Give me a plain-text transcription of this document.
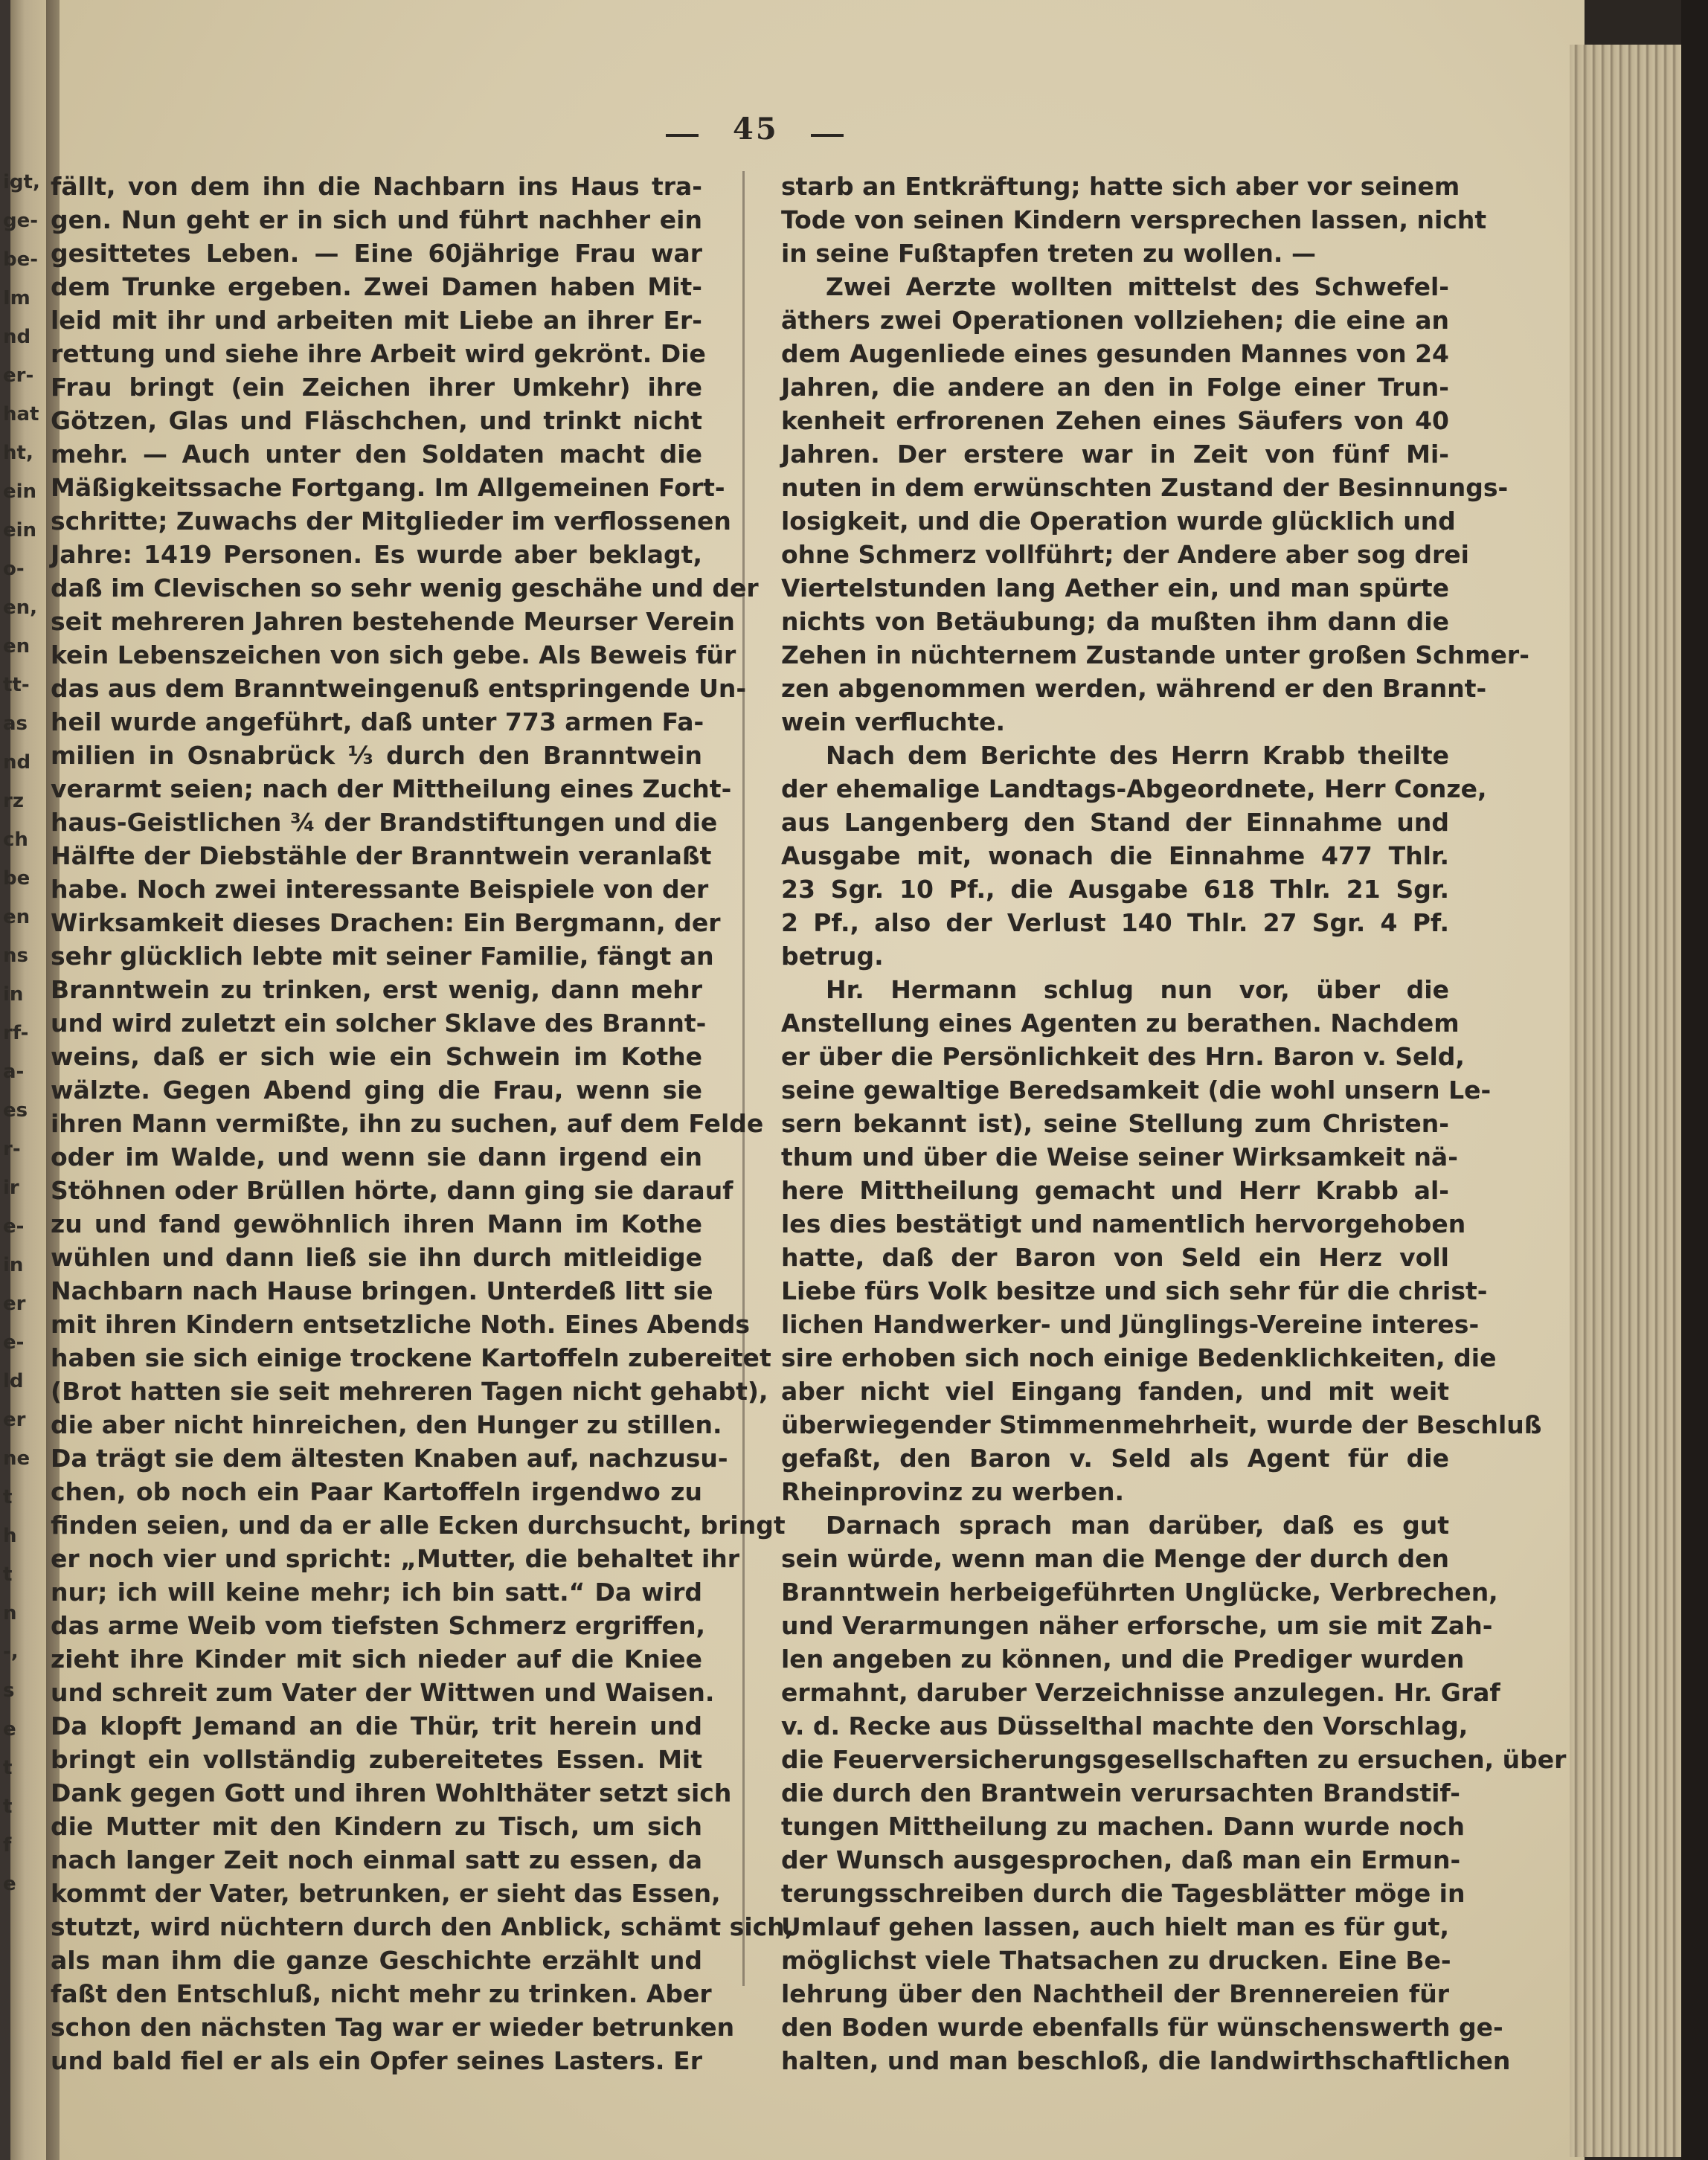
igt,
ge-
be-
Im
nd
er-
hat
ht,
ein
ein
o-
en,
en
tt-
as
nd
rz
ch
be
en
ns
in
rf-
a-
es
r-
ir
e-
in
er
e-
ld
er
ne
t
h
t
n
-,
s
e
t
t
f
e
45
fällt, von dem ihn die Nachbarn ins Haus tra-
gen. Nun geht er in sich und führt nachher ein
gesittetes Leben. — Eine 60jährige Frau war
dem Trunke ergeben. Zwei Damen haben Mit-
leid mit ihr und arbeiten mit Liebe an ihrer Er-
rettung und siehe ihre Arbeit wird gekrönt. Die
Frau bringt (ein Zeichen ihrer Umkehr) ihre
Götzen, Glas und Fläschchen, und trinkt nicht
mehr. — Auch unter den Soldaten macht die
Mäßigkeitssache Fortgang. Im Allgemeinen Fort-
schritte; Zuwachs der Mitglieder im verflossenen
Jahre: 1419 Personen. Es wurde aber beklagt,
daß im Clevischen so sehr wenig geschähe und der
seit mehreren Jahren bestehende Meurser Verein
kein Lebenszeichen von sich gebe. Als Beweis für
das aus dem Branntweingenuß entspringende Un-
heil wurde angeführt, daß unter 773 armen Fa-
milien in Osnabrück ⅓ durch den Branntwein
verarmt seien; nach der Mittheilung eines Zucht-
haus-Geistlichen ¾ der Brandstiftungen und die
Hälfte der Diebstähle der Branntwein veranlaßt
habe. Noch zwei interessante Beispiele von der
Wirksamkeit dieses Drachen: Ein Bergmann, der
sehr glücklich lebte mit seiner Familie, fängt an
Branntwein zu trinken, erst wenig, dann mehr
und wird zuletzt ein solcher Sklave des Brannt-
weins, daß er sich wie ein Schwein im Kothe
wälzte. Gegen Abend ging die Frau, wenn sie
ihren Mann vermißte, ihn zu suchen, auf dem Felde
oder im Walde, und wenn sie dann irgend ein
Stöhnen oder Brüllen hörte, dann ging sie darauf
zu und fand gewöhnlich ihren Mann im Kothe
wühlen und dann ließ sie ihn durch mitleidige
Nachbarn nach Hause bringen. Unterdeß litt sie
mit ihren Kindern entsetzliche Noth. Eines Abends
haben sie sich einige trockene Kartoffeln zubereitet
(Brot hatten sie seit mehreren Tagen nicht gehabt),
die aber nicht hinreichen, den Hunger zu stillen.
Da trägt sie dem ältesten Knaben auf, nachzusu-
chen, ob noch ein Paar Kartoffeln irgendwo zu
finden seien, und da er alle Ecken durchsucht, bringt
er noch vier und spricht: „Mutter, die behaltet ihr
nur; ich will keine mehr; ich bin satt.“ Da wird
das arme Weib vom tiefsten Schmerz ergriffen,
zieht ihre Kinder mit sich nieder auf die Kniee
und schreit zum Vater der Wittwen und Waisen.
Da klopft Jemand an die Thür, trit herein und
bringt ein vollständig zubereitetes Essen. Mit
Dank gegen Gott und ihren Wohlthäter setzt sich
die Mutter mit den Kindern zu Tisch, um sich
nach langer Zeit noch einmal satt zu essen, da
kommt der Vater, betrunken, er sieht das Essen,
stutzt, wird nüchtern durch den Anblick, schämt sich,
als man ihm die ganze Geschichte erzählt und
faßt den Entschluß, nicht mehr zu trinken. Aber
schon den nächsten Tag war er wieder betrunken
und bald fiel er als ein Opfer seines Lasters. Er
starb an Entkräftung; hatte sich aber vor seinem
Tode von seinen Kindern versprechen lassen, nicht
in seine Fußtapfen treten zu wollen. —
Zwei Aerzte wollten mittelst des Schwefel-
äthers zwei Operationen vollziehen; die eine an
dem Augenliede eines gesunden Mannes von 24
Jahren, die andere an den in Folge einer Trun-
kenheit erfrorenen Zehen eines Säufers von 40
Jahren. Der erstere war in Zeit von fünf Mi-
nuten in dem erwünschten Zustand der Besinnungs-
losigkeit, und die Operation wurde glücklich und
ohne Schmerz vollführt; der Andere aber sog drei
Viertelstunden lang Aether ein, und man spürte
nichts von Betäubung; da mußten ihm dann die
Zehen in nüchternem Zustande unter großen Schmer-
zen abgenommen werden, während er den Brannt-
wein verfluchte.
Nach dem Berichte des Herrn Krabb theilte
der ehemalige Landtags-Abgeordnete, Herr Conze,
aus Langenberg den Stand der Einnahme und
Ausgabe mit, wonach die Einnahme 477 Thlr.
23 Sgr. 10 Pf., die Ausgabe 618 Thlr. 21 Sgr.
2 Pf., also der Verlust 140 Thlr. 27 Sgr. 4 Pf.
betrug.
Hr. Hermann schlug nun vor, über die
Anstellung eines Agenten zu berathen. Nachdem
er über die Persönlichkeit des Hrn. Baron v. Seld,
seine gewaltige Beredsamkeit (die wohl unsern Le-
sern bekannt ist), seine Stellung zum Christen-
thum und über die Weise seiner Wirksamkeit nä-
here Mittheilung gemacht und Herr Krabb al-
les dies bestätigt und namentlich hervorgehoben
hatte, daß der Baron von Seld ein Herz voll
Liebe fürs Volk besitze und sich sehr für die christ-
lichen Handwerker- und Jünglings-Vereine interes-
sire erhoben sich noch einige Bedenklichkeiten, die
aber nicht viel Eingang fanden, und mit weit
überwiegender Stimmenmehrheit, wurde der Beschluß
gefaßt, den Baron v. Seld als Agent für die
Rheinprovinz zu werben.
Darnach sprach man darüber, daß es gut
sein würde, wenn man die Menge der durch den
Branntwein herbeigeführten Unglücke, Verbrechen,
und Verarmungen näher erforsche, um sie mit Zah-
len angeben zu können, und die Prediger wurden
ermahnt, daruber Verzeichnisse anzulegen. Hr. Graf
v. d. Recke aus Düsselthal machte den Vorschlag,
die Feuerversicherungsgesellschaften zu ersuchen, über
die durch den Brantwein verursachten Brandstif-
tungen Mittheilung zu machen. Dann wurde noch
der Wunsch ausgesprochen, daß man ein Ermun-
terungsschreiben durch die Tagesblätter möge in
Umlauf gehen lassen, auch hielt man es für gut,
möglichst viele Thatsachen zu drucken. Eine Be-
lehrung über den Nachtheil der Brennereien für
den Boden wurde ebenfalls für wünschenswerth ge-
halten, und man beschloß, die landwirthschaftlichen
